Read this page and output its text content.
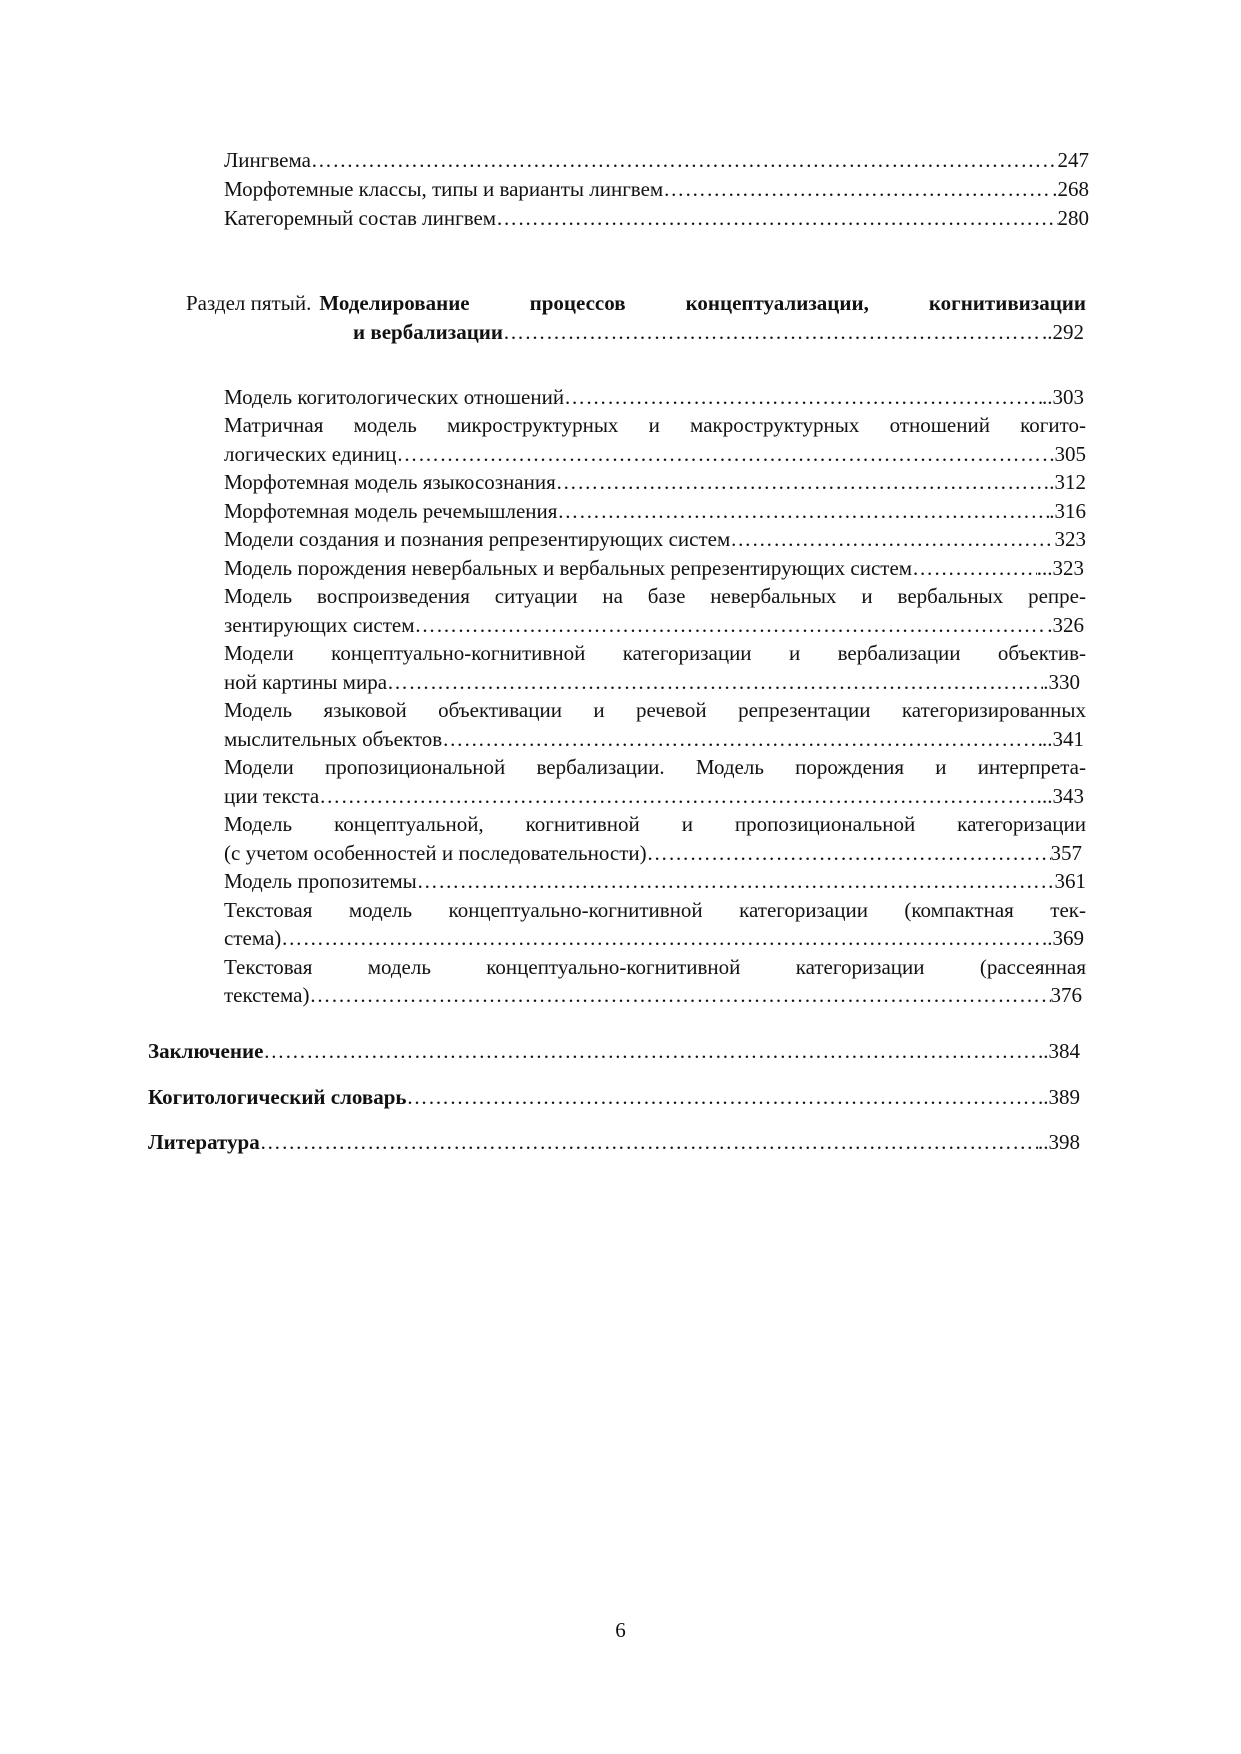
Лингвема ……………………………………………………………………………………………………………………………………………………………………………………………………	247
Морфотемные классы, типы и варианты лингвем ……………………………………………………………………………………………………………………………………………………………………………………………………	.268
Категоремный состав лингвем ……………………………………………………………………………………………………………………………………………………………………………………………………	280
Раздел пятый. Моделирование процессов концептуализации, когнитивизации
и вербализации ……………………………………………………………………………………………………………………………………………………………………………………………………	..292
Модель когитологических отношений ……………………………………………………………………………………………………………………………………………………………………………………………………	..303
Матричная модель микроструктурных и макроструктурных отношений когито-
логических единиц ……………………………………………………………………………………………………………………………………………………………………………………………………	305
Морфотемная модель языкосознания ……………………………………………………………………………………………………………………………………………………………………………………………………	.312
Морфотемная модель речемышления ……………………………………………………………………………………………………………………………………………………………………………………………………	.316
Модели создания и познания репрезентирующих систем ……………………………………………………………………………………………………………………………………………………………………………………………………	323
Модель порождения невербальных и вербальных репрезентирующих систем ……………………………………………………………………………………………………………………………………………………………………………………………………	...323
Модель воспроизведения ситуации на базе невербальных и вербальных репре-
зентирующих систем ……………………………………………………………………………………………………………………………………………………………………………………………………	.326
Модели концептуально-когнитивной категоризации и вербализации объектив-
ной картины мира ……………………………………………………………………………………………………………………………………………………………………………………………………	.330
Модель языковой объективации и речевой репрезентации категоризированных
мыслительных объектов ……………………………………………………………………………………………………………………………………………………………………………………………………	..341
Модели пропозициональной вербализации. Модель порождения и интерпрета-
ции текста ……………………………………………………………………………………………………………………………………………………………………………………………………	..343
Модель концептуальной, когнитивной и пропозициональной категоризации
(с учетом особенностей и последовательности) ……………………………………………………………………………………………………………………………………………………………………………………………………	357
Модель пропозитемы ……………………………………………………………………………………………………………………………………………………………………………………………………	361
Текстовая модель концептуально-когнитивной категоризации (компактная тек-
стема) ……………………………………………………………………………………………………………………………………………………………………………………………………	..369
Текстовая модель концептуально-когнитивной категоризации (рассеянная
текстема) ……………………………………………………………………………………………………………………………………………………………………………………………………	376
Заключение ……………………………………………………………………………………………………………………………………………………………………………………………………	..384
Когитологический словарь ……………………………………………………………………………………………………………………………………………………………………………………………………	..389
Литература ……………………………………………………………………………………………………………………………………………………………………………………………………	..398
6
